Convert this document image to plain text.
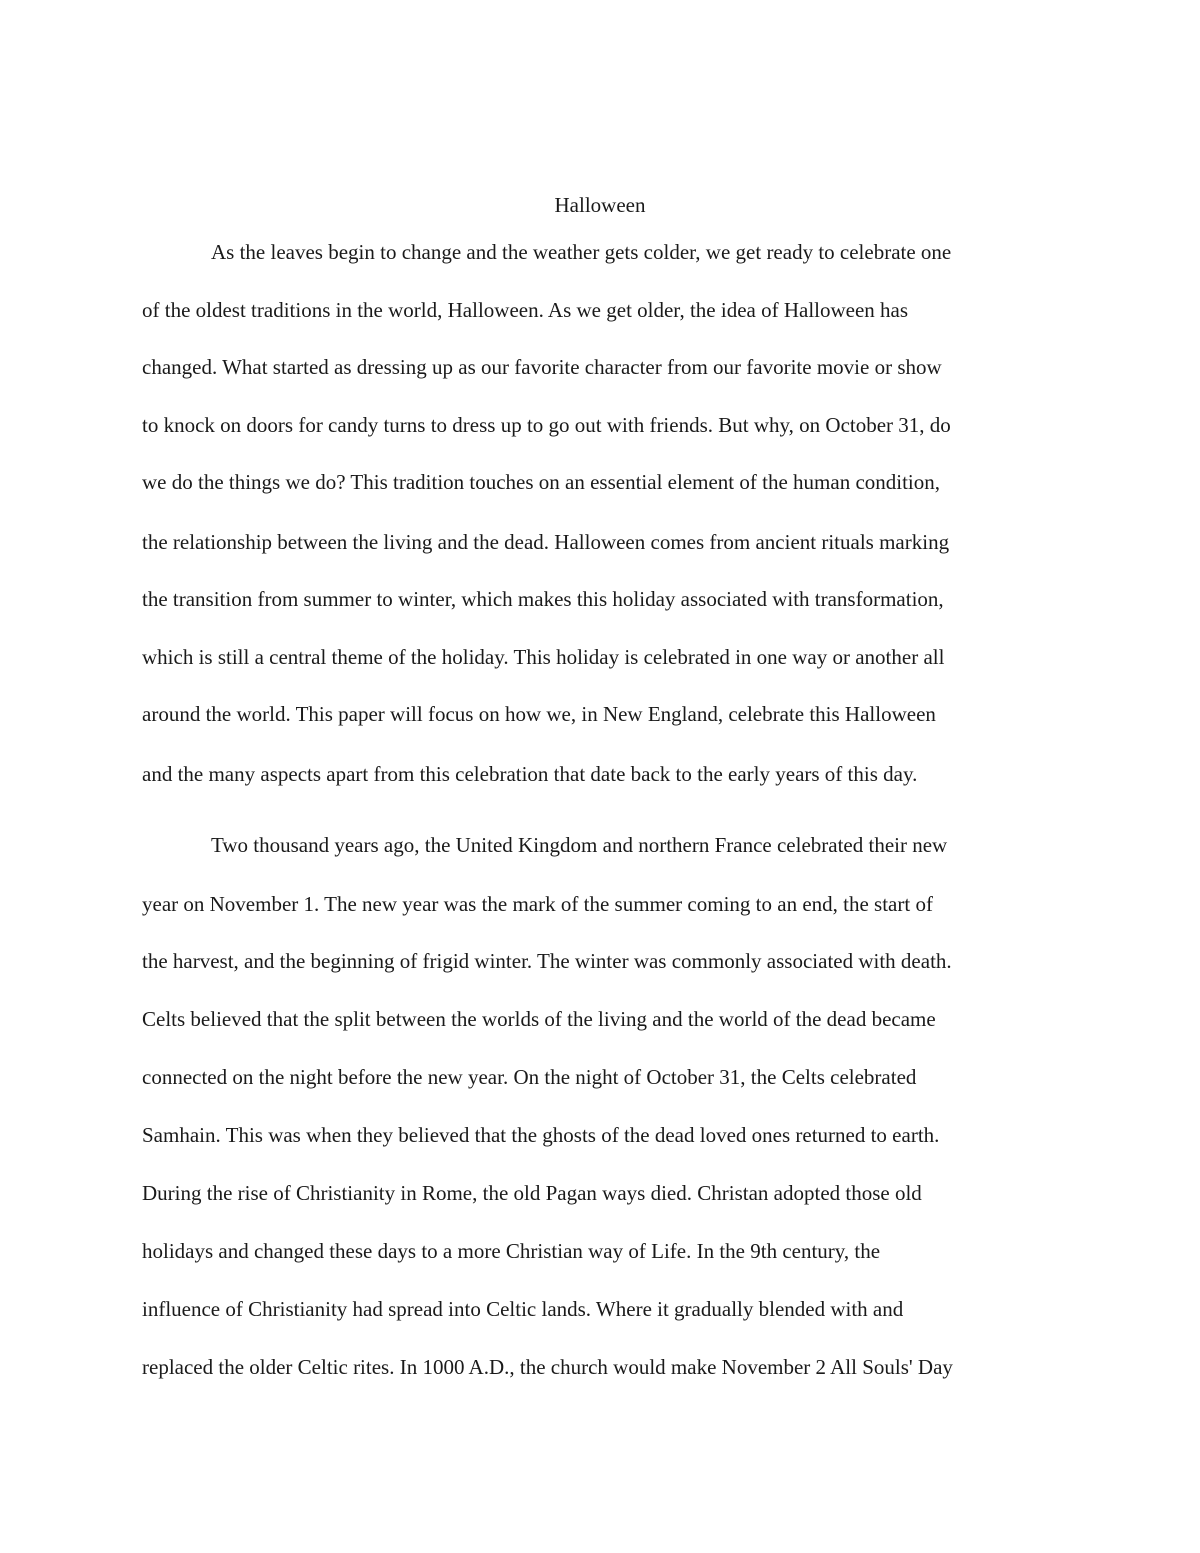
Halloween
As the leaves begin to change and the weather gets colder, we get ready to celebrate one
of the oldest traditions in the world, Halloween. As we get older, the idea of Halloween has
changed. What started as dressing up as our favorite character from our favorite movie or show
to knock on doors for candy turns to dress up to go out with friends. But why, on October 31, do
we do the things we do? This tradition touches on an essential element of the human condition,
the relationship between the living and the dead. Halloween comes from ancient rituals marking
the transition from summer to winter, which makes this holiday associated with transformation,
which is still a central theme of the holiday. This holiday is celebrated in one way or another all
around the world. This paper will focus on how we, in New England, celebrate this Halloween
and the many aspects apart from this celebration that date back to the early years of this day.
Two thousand years ago, the United Kingdom and northern France celebrated their new
year on November 1. The new year was the mark of the summer coming to an end, the start of
the harvest, and the beginning of frigid winter. The winter was commonly associated with death.
Celts believed that the split between the worlds of the living and the world of the dead became
connected on the night before the new year. On the night of October 31, the Celts celebrated
Samhain. This was when they believed that the ghosts of the dead loved ones returned to earth.
During the rise of Christianity in Rome, the old Pagan ways died. Christan adopted those old
holidays and changed these days to a more Christian way of Life. In the 9th century, the
influence of Christianity had spread into Celtic lands. Where it gradually blended with and
replaced the older Celtic rites. In 1000 A.D., the church would make November 2 All Souls' Day
